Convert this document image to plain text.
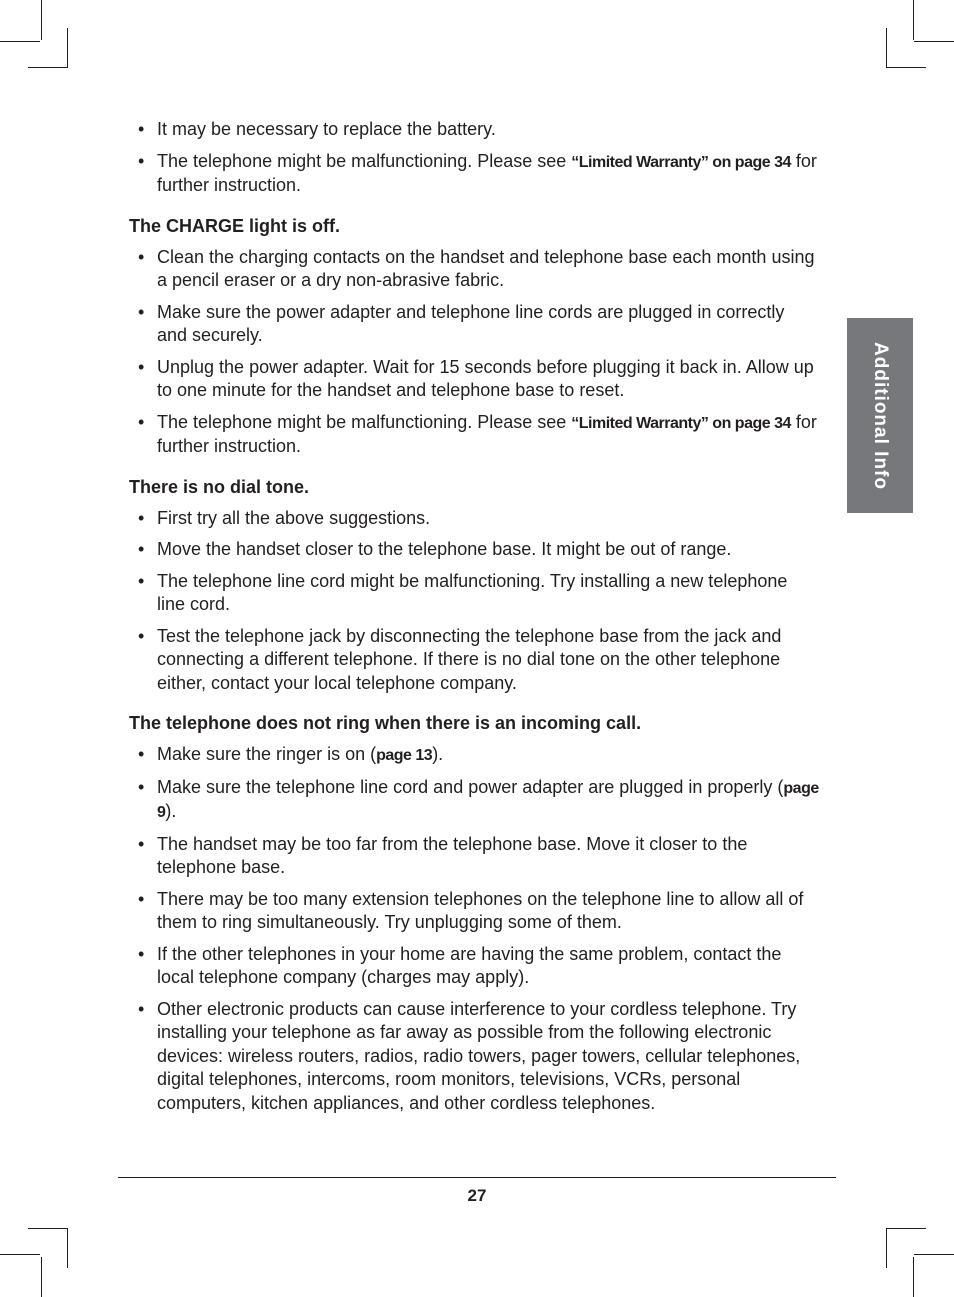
Additional Info
• It may be necessary to replace the battery.
• The telephone might be malfunctioning. Please see “Limited Warranty” on page 34 for further instruction.
The CHARGE light is off.
• Clean the charging contacts on the handset and telephone base each month using a pencil eraser or a dry non-abrasive fabric.
• Make sure the power adapter and telephone line cords are plugged in correctly and securely.
• Unplug the power adapter. Wait for 15 seconds before plugging it back in. Allow up to one minute for the handset and telephone base to reset.
• The telephone might be malfunctioning. Please see “Limited Warranty” on page 34 for further instruction.
There is no dial tone.
• First try all the above suggestions.
• Move the handset closer to the telephone base. It might be out of range.
• The telephone line cord might be malfunctioning. Try installing a new telephone line cord.
• Test the telephone jack by disconnecting the telephone base from the jack and connecting a different telephone. If there is no dial tone on the other telephone either, contact your local telephone company.
The telephone does not ring when there is an incoming call.
• Make sure the ringer is on (page 13).
• Make sure the telephone line cord and power adapter are plugged in properly (page 9).
• The handset may be too far from the telephone base. Move it closer to the telephone base.
• There may be too many extension telephones on the telephone line to allow all of them to ring simultaneously. Try unplugging some of them.
• If the other telephones in your home are having the same problem, contact the local telephone company (charges may apply).
• Other electronic products can cause interference to your cordless telephone. Try installing your telephone as far away as possible from the following electronic devices: wireless routers, radios, radio towers, pager towers, cellular telephones, digital telephones, intercoms, room monitors, televisions, VCRs, personal computers, kitchen appliances, and other cordless telephones.
27
